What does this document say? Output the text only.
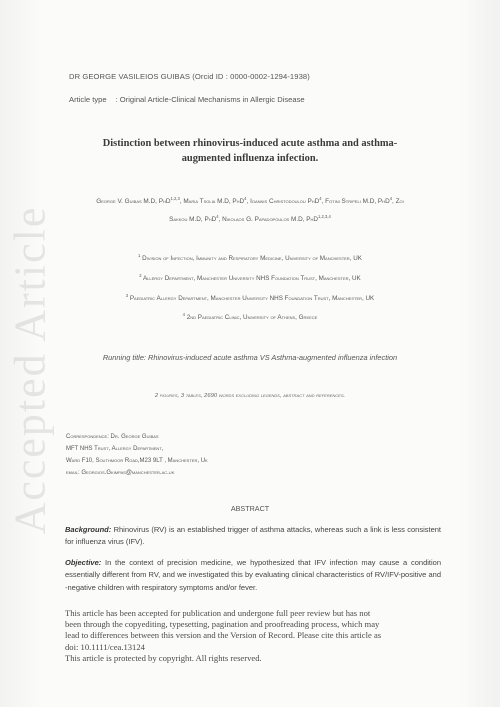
Accepted Article
DR GEORGE VASILEIOS GUIBAS (Orcid ID : 0000-0002-1294-1938)
Article type : Original Article-Clinical Mechanisms in Allergic Disease
Distinction between rhinovirus-induced acute asthma and asthma-
augmented influenza infection.
George V. Guibas M.D, PhD$^{1,2,3}$, Maria Tsolia M.D, PhD$^4$, Ioannis Christodoulou PhD$^4$, Fotini Stripeli M.D, PhD$^4$, Zoi
Sakkou M.D, PhD$^4$, Nikolaos G. Papadopoulos M.D, PhD$^{1,2,3,4}$
$^1$ Division of Infection, Immunity and Respiratory Medicine, University of Manchester, UK
$^2$ Allergy Department, Manchester University NHS Foundation Trust, Manchester, UK
$^3$ Paediatric Allergy Department, Manchester University NHS Foundation Trust, Manchester, UK
$^4$ 2nd Paediatric Clinic, University of Athens, Greece
Running title: Rhinovirus-induced acute asthma VS Asthma-augmented influenza infection
2 figures, 3 tables, 2690 words excluding legends, abstract and references.
Correspondence: Dr. George Guibas
MFT NHS Trust, Allergy Department,
Ward F10, Southmoor Road,M23 9LT , Manchester, Uk
email: Georgios.Gkimpas@manchester.ac.uk
ABSTRACT
Background: Rhinovirus (RV) is an established trigger of asthma attacks, whereas such a link is less consistent for influenza virus (IFV).
Objective: In the context of precision medicine, we hypothesized that IFV infection may cause a condition essentially different from RV, and we investigated this by evaluating clinical characteristics of RV/IFV-positive and -negative children with respiratory symptoms and/or fever.
This article has been accepted for publication and undergone full peer review but has not
been through the copyediting, typesetting, pagination and proofreading process, which may
lead to differences between this version and the Version of Record. Please cite this article as
doi: 10.1111/cea.13124
This article is protected by copyright. All rights reserved.
